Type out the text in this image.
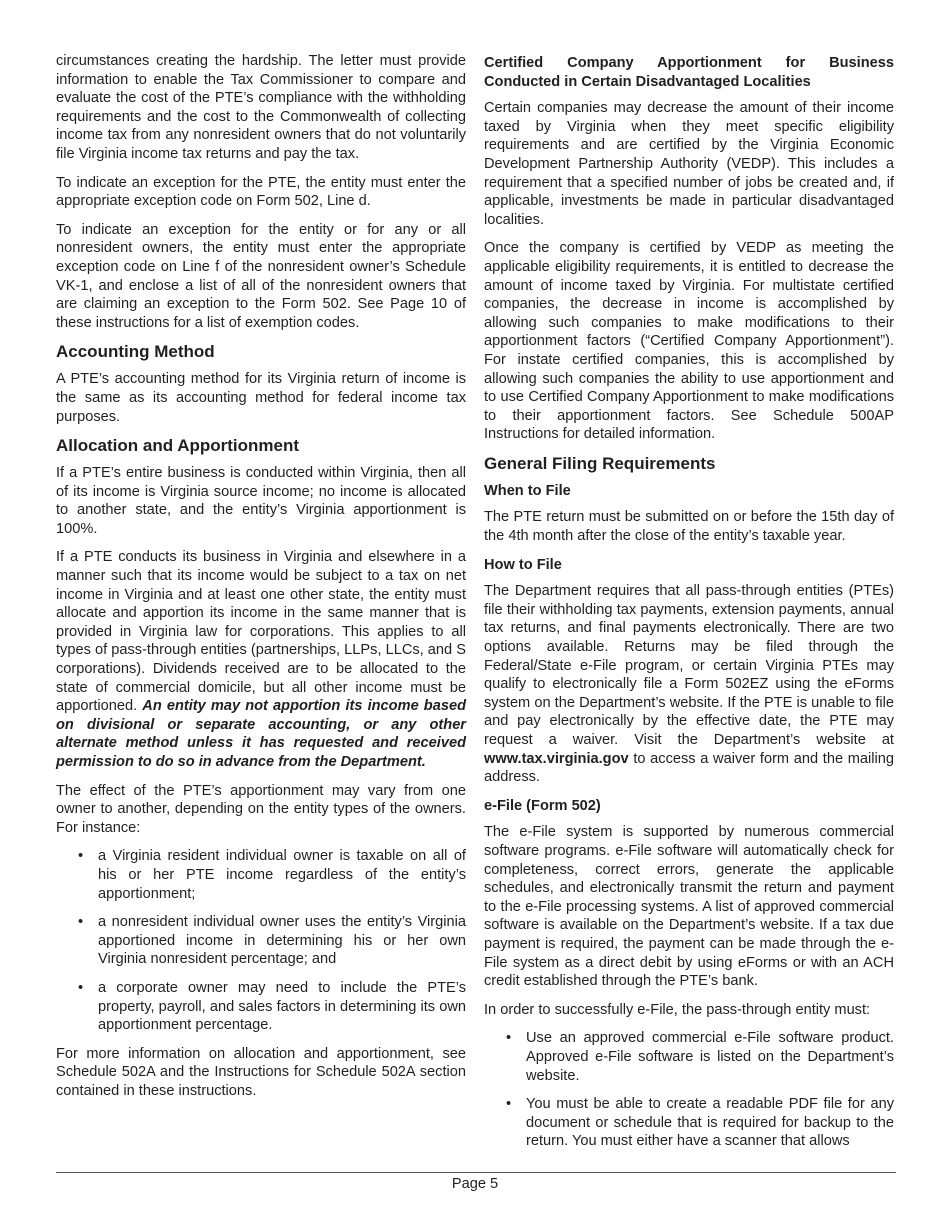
circumstances creating the hardship. The letter must provide information to enable the Tax Commissioner to compare and evaluate the cost of the PTE’s compliance with the withholding requirements and the cost to the Commonwealth of collecting income tax from any nonresident owners that do not voluntarily file Virginia income tax returns and pay the tax.

To indicate an exception for the PTE, the entity must enter the appropriate exception code on Form 502, Line d.

To indicate an exception for the entity or for any or all nonresident owners, the entity must enter the appropriate exception code on Line f of the nonresident owner’s Schedule VK-1, and enclose a list of all of the nonresident owners that are claiming an exception to the Form 502. See Page 10 of these instructions for a list of exemption codes.

Accounting Method

A PTE’s accounting method for its Virginia return of income is the same as its accounting method for federal income tax purposes.

Allocation and Apportionment

If a PTE’s entire business is conducted within Virginia, then all of its income is Virginia source income; no income is allocated to another state, and the entity’s Virginia apportionment is 100%.

If a PTE conducts its business in Virginia and elsewhere in a manner such that its income would be subject to a tax on net income in Virginia and at least one other state, the entity must allocate and apportion its income in the same manner that is provided in Virginia law for corporations. This applies to all types of pass-through entities (partnerships, LLPs, LLCs, and S corporations). Dividends received are to be allocated to the state of commercial domicile, but all other income must be apportioned. An entity may not apportion its income based on divisional or separate accounting, or any other alternate method unless it has requested and received permission to do so in advance from the Department.

The effect of the PTE’s apportionment may vary from one owner to another, depending on the entity types of the owners. For instance:

• a Virginia resident individual owner is taxable on all of his or her PTE income regardless of the entity’s apportionment;
• a nonresident individual owner uses the entity’s Virginia apportioned income in determining his or her own Virginia nonresident percentage; and
• a corporate owner may need to include the PTE’s property, payroll, and sales factors in determining its own apportionment percentage.

For more information on allocation and apportionment, see Schedule 502A and the Instructions for Schedule 502A section contained in these instructions.

Certified Company Apportionment for Business Conducted in Certain Disadvantaged Localities

Certain companies may decrease the amount of their income taxed by Virginia when they meet specific eligibility requirements and are certified by the Virginia Economic Development Partnership Authority (VEDP). This includes a requirement that a specified number of jobs be created and, if applicable, investments be made in particular disadvantaged localities.

Once the company is certified by VEDP as meeting the applicable eligibility requirements, it is entitled to decrease the amount of income taxed by Virginia. For multistate certified companies, the decrease in income is accomplished by allowing such companies to make modifications to their apportionment factors (“Certified Company Apportionment”). For instate certified companies, this is accomplished by allowing such companies the ability to use apportionment and to use Certified Company Apportionment to make modifications to their apportionment factors. See Schedule 500AP Instructions for detailed information.

General Filing Requirements
When to File

The PTE return must be submitted on or before the 15th day of the 4th month after the close of the entity’s taxable year.

How to File

The Department requires that all pass-through entities (PTEs) file their withholding tax payments, extension payments, annual tax returns, and final payments electronically. There are two options available. Returns may be filed through the Federal/State e-File program, or certain Virginia PTEs may qualify to electronically file a Form 502EZ using the eForms system on the Department’s website. If the PTE is unable to file and pay electronically by the effective date, the PTE may request a waiver. Visit the Department’s website at www.tax.virginia.gov to access a waiver form and the mailing address.

e-File (Form 502)

The e-File system is supported by numerous commercial software programs. e-File software will automatically check for completeness, correct errors, generate the applicable schedules, and electronically transmit the return and payment to the e-File processing systems. A list of approved commercial software is available on the Department’s website. If a tax due payment is required, the payment can be made through the e-File system as a direct debit by using eForms or with an ACH credit established through the PTE’s bank.

In order to successfully e-File, the pass-through entity must:

• Use an approved commercial e-File software product. Approved e-File software is listed on the Department’s website.
• You must be able to create a readable PDF file for any document or schedule that is required for backup to the return. You must either have a scanner that allows
Page 5
